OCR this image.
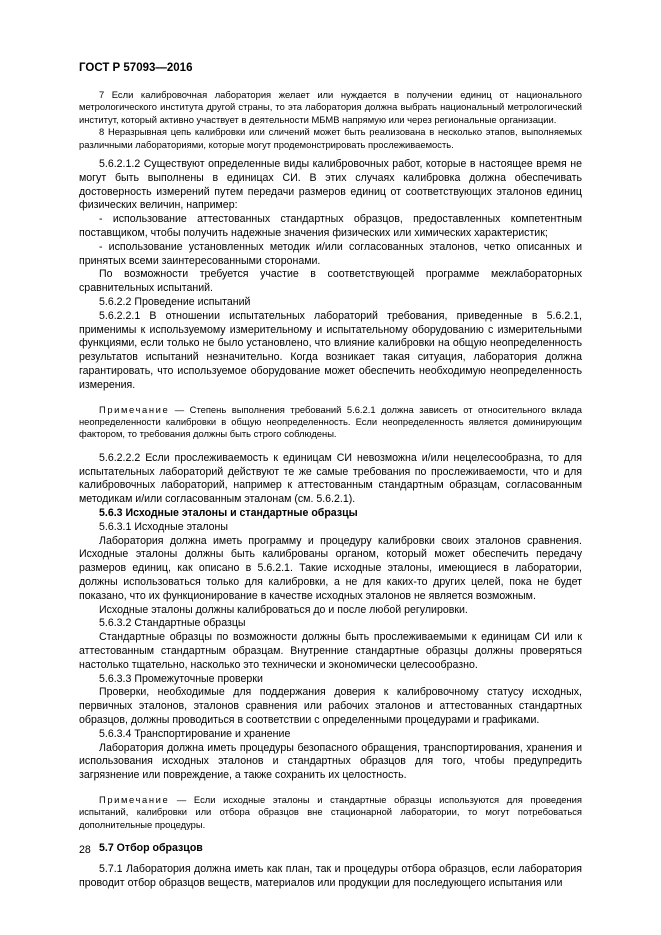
ГОСТ Р 57093—2016

7 Если калибровочная лаборатория желает или нуждается в получении единиц от национального метрологического института другой страны, то эта лаборатория должна выбрать национальный метрологический институт, который активно участвует в деятельности МБМВ напрямую или через региональные организации.

8 Неразрывная цепь калибровки или сличений может быть реализована в несколько этапов, выполняемых различными лабораториями, которые могут продемонстрировать прослеживаемость.

5.6.2.1.2 Существуют определенные виды калибровочных работ, которые в настоящее время не могут быть выполнены в единицах СИ. В этих случаях калибровка должна обеспечивать достоверность измерений путем передачи размеров единиц от соответствующих эталонов единиц физических величин, например:

- использование аттестованных стандартных образцов, предоставленных компетентным поставщиком, чтобы получить надежные значения физических или химических характеристик;

- использование установленных методик и/или согласованных эталонов, четко описанных и принятых всеми заинтересованными сторонами.

По возможности требуется участие в соответствующей программе межлабораторных сравнительных испытаний.

5.6.2.2 Проведение испытаний

5.6.2.2.1 В отношении испытательных лабораторий требования, приведенные в 5.6.2.1, применимы к используемому измерительному и испытательному оборудованию с измерительными функциями, если только не было установлено, что влияние калибровки на общую неопределенность результатов испытаний незначительно. Когда возникает такая ситуация, лаборатория должна гарантировать, что используемое оборудование может обеспечить необходимую неопределенность измерения.

Примечание — Степень выполнения требований 5.6.2.1 должна зависеть от относительного вклада неопределенности калибровки в общую неопределенность. Если неопределенность является доминирующим фактором, то требования должны быть строго соблюдены.

5.6.2.2.2 Если прослеживаемость к единицам СИ невозможна и/или нецелесообразна, то для испытательных лабораторий действуют те же самые требования по прослеживаемости, что и для калибровочных лабораторий, например к аттестованным стандартным образцам, согласованным методикам и/или согласованным эталонам (см. 5.6.2.1).

5.6.3 Исходные эталоны и стандартные образцы

5.6.3.1 Исходные эталоны

Лаборатория должна иметь программу и процедуру калибровки своих эталонов сравнения. Исходные эталоны должны быть калиброваны органом, который может обеспечить передачу размеров единиц, как описано в 5.6.2.1. Такие исходные эталоны, имеющиеся в лаборатории, должны использоваться только для калибровки, а не для каких-то других целей, пока не будет показано, что их функционирование в качестве исходных эталонов не является возможным.

Исходные эталоны должны калиброваться до и после любой регулировки.

5.6.3.2 Стандартные образцы

Стандартные образцы по возможности должны быть прослеживаемыми к единицам СИ или к аттестованным стандартным образцам. Внутренние стандартные образцы должны проверяться настолько тщательно, насколько это технически и экономически целесообразно.

5.6.3.3 Промежуточные проверки

Проверки, необходимые для поддержания доверия к калибровочному статусу исходных, первичных эталонов, эталонов сравнения или рабочих эталонов и аттестованных стандартных образцов, должны проводиться в соответствии с определенными процедурами и графиками.

5.6.3.4 Транспортирование и хранение

Лаборатория должна иметь процедуры безопасного обращения, транспортирования, хранения и использования исходных эталонов и стандартных образцов для того, чтобы предупредить загрязнение или повреждение, а также сохранить их целостность.

Примечание — Если исходные эталоны и стандартные образцы используются для проведения испытаний, калибровки или отбора образцов вне стационарной лаборатории, то могут потребоваться дополнительные процедуры.

5.7 Отбор образцов

5.7.1 Лаборатория должна иметь как план, так и процедуры отбора образцов, если лаборатория проводит отбор образцов веществ, материалов или продукции для последующего испытания или

28
